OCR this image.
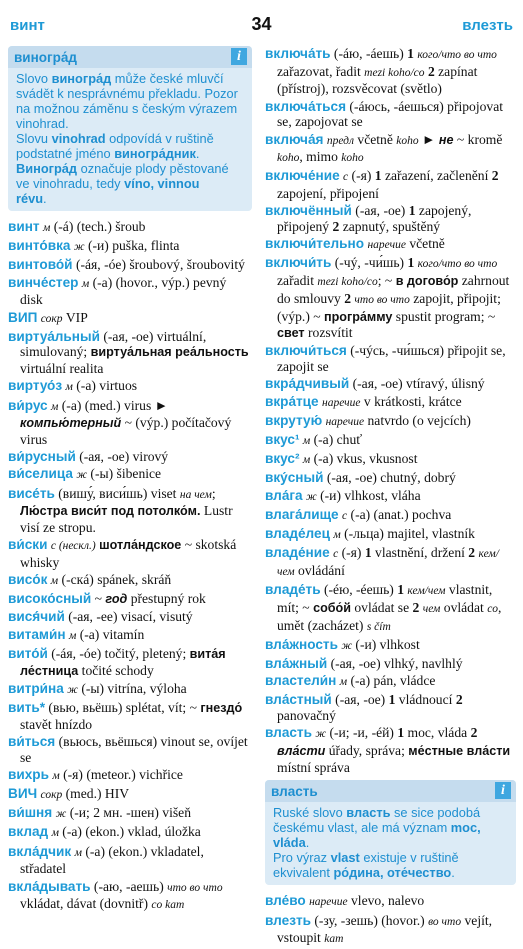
винт	34	влезть
виногра́д	i

Slovo виногра́д může české mluvčí

svádět k nesprávnému překladu. Pozor

na možnou záměnu s českým výrazem

vinohrad.

Slovu vinohrad odpovídá v ruštině

podstatné jméno виногра́дник.

Виногра́д označuje plody pěstované

ve vinohradu, tedy víno, vinnou

révu.

винт м (-á) (tech.) šroub

винто́вка ж (-и) puška, flinta

винтово́й (-áя, -óe) šroubový, šroubovitý

винче́стер м (-a) (hovor., výp.) pevný disk

ВИП сокр VIP

виртуа́льный (-ая, -oe) virtuální, simulovaný; виртуа́льная реа́льность virtuální realita

виртуо́з м (-a) virtuos

ви́рус м (-a) (med.) virus ► компью́терный ~ (výp.) počítačový virus

ви́русный (-ая, -oe) virový

ви́селица ж (-ы) šibenice

висе́ть (вишу́, виси́шь) viset на чем; Лю́стра виси́т под потолко́м. Lustr visí ze stropu.

ви́ски с (нескл.) шотла́ндское ~ skotská whisky

висо́к м (-скá) spánek, skráň

високо́сный ~ год přestupný rok

вися́чий (-ая, -ee) visací, visutý

витами́н м (-a) vitamín

вито́й (-áя, -óe) točitý, pletený; вита́я ле́стница točité schody

витри́на ж (-ы) vitrína, výloha

вить* (вью, вьёшь) splétat, vít; ~ гнездо́ stavět hnízdo

ви́ться (вьюсь, вьёшься) vinout se, ovíjet se

вихрь м (-я) (meteor.) vichřice

ВИЧ сокр (med.) HIV

ви́шня ж (-и; 2 мн. -шен) višeň

вклад м (-a) (ekon.) vklad, úložka

вкла́дчик м (-a) (ekon.) vkladatel, střadatel

вкла́дывать (-аю, -аешь) что во что vkládat, dávat (dovnitř) co kam

включа́ть (-áю, -áешь) 1 кого/что во что zařazovat, řadit mezi koho/co 2 zapínat (přístroj), rozsvěcovat (světlo)

включа́ться (-áюсь, -áешься) připojovat se, zapojovat se

включа́я предл včetně koho ► не ~ kromě koho, mimo koho

включе́ние с (-я) 1 zařazení, začlenění 2 zapojení, připojení

включённый (-ая, -oe) 1 zapojený, připojený 2 zapnutý, spuštěný

включи́тельно наречие včetně

включи́ть (-чý, -чи́шь) 1 кого/что во что zařadit mezi koho/co; ~ в догово́р zahrnout do smlouvy 2 что во что zapojit, připojit; (výp.) ~ програ́мму spustit program; ~ свет rozsvítit

включи́ться (-чýсь, -чи́шься) připojit se, zapojit se

вкра́дчивый (-ая, -oe) vtíravý, úlisný

вкра́тце наречие v krátkosti, krátce

вкрутую́ наречие natvrdo (o vejcích)

вкус¹ м (-a) chuť

вкус² м (-a) vkus, vkusnost

вку́сный (-ая, -oe) chutný, dobrý

вла́га ж (-и) vlhkost, vláha

влага́лище с (-a) (anat.) pochva

владе́лец м (-льца) majitel, vlastník

владе́ние с (-я) 1 vlastnění, držení 2 кем/чем ovládání

владе́ть (-éю, -éешь) 1 кем/чем vlastnit, mít; ~ собо́й ovládat se 2 чем ovládat co, umět (zacházet) s čím

вла́жность ж (-и) vlhkost

вла́жный (-ая, -oe) vlhký, navlhlý

властели́н м (-a) pán, vládce

вла́стный (-ая, -oe) 1 vládnoucí 2 panovačný

власть ж (-и; -и, -éй) 1 moc, vláda 2 вла́сти úřady, správa; ме́стные вла́сти místní správa

власть	i

Ruské slovo власть se sice podobá

českému vlast, ale má význam moc,

vláda.

Pro výraz vlast existuje v ruštině

ekvivalent ро́дина, оте́чество.

вле́во наречие vlevo, nalevo

влезть (-зу, -зешь) (hovor.) во что vejít, vstoupit kam
